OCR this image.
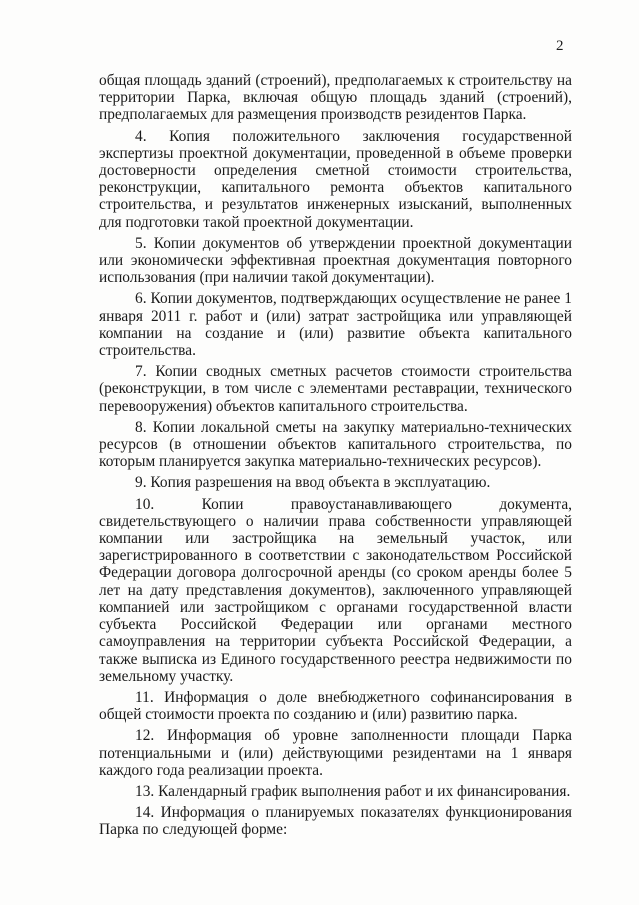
2

общая площадь зданий (строений), предполагаемых к строительству на территории Парка, включая общую площадь зданий (строений), предполагаемых для размещения производств резидентов Парка.

4. Копия положительного заключения государственной экспертизы проектной документации, проведенной в объеме проверки достоверности определения сметной стоимости строительства, реконструкции, капитального ремонта объектов капитального строительства, и результатов инженерных изысканий, выполненных для подготовки такой проектной документации.

5. Копии документов об утверждении проектной документации или экономически эффективная проектная документация повторного использования (при наличии такой документации).

6. Копии документов, подтверждающих осуществление не ранее 1 января 2011 г. работ и (или) затрат застройщика или управляющей компании на создание и (или) развитие объекта капитального строительства.

7. Копии сводных сметных расчетов стоимости строительства (реконструкции, в том числе с элементами реставрации, технического перевооружения) объектов капитального строительства.

8. Копии локальной сметы на закупку материально-технических ресурсов (в отношении объектов капитального строительства, по которым планируется закупка материально-технических ресурсов).

9. Копия разрешения на ввод объекта в эксплуатацию.

10. Копии правоустанавливающего документа, свидетельствующего о наличии права собственности управляющей компании или застройщика на земельный участок, или зарегистрированного в соответствии с законодательством Российской Федерации договора долгосрочной аренды (со сроком аренды более 5 лет на дату представления документов), заключенного управляющей компанией или застройщиком с органами государственной власти субъекта Российской Федерации или органами местного самоуправления на территории субъекта Российской Федерации, а также выписка из Единого государственного реестра недвижимости по земельному участку.

11. Информация о доле внебюджетного софинансирования в общей стоимости проекта по созданию и (или) развитию парка.

12. Информация об уровне заполненности площади Парка потенциальными и (или) действующими резидентами на 1 января каждого года реализации проекта.

13. Календарный график выполнения работ и их финансирования.

14. Информация о планируемых показателях функционирования Парка по следующей форме:
